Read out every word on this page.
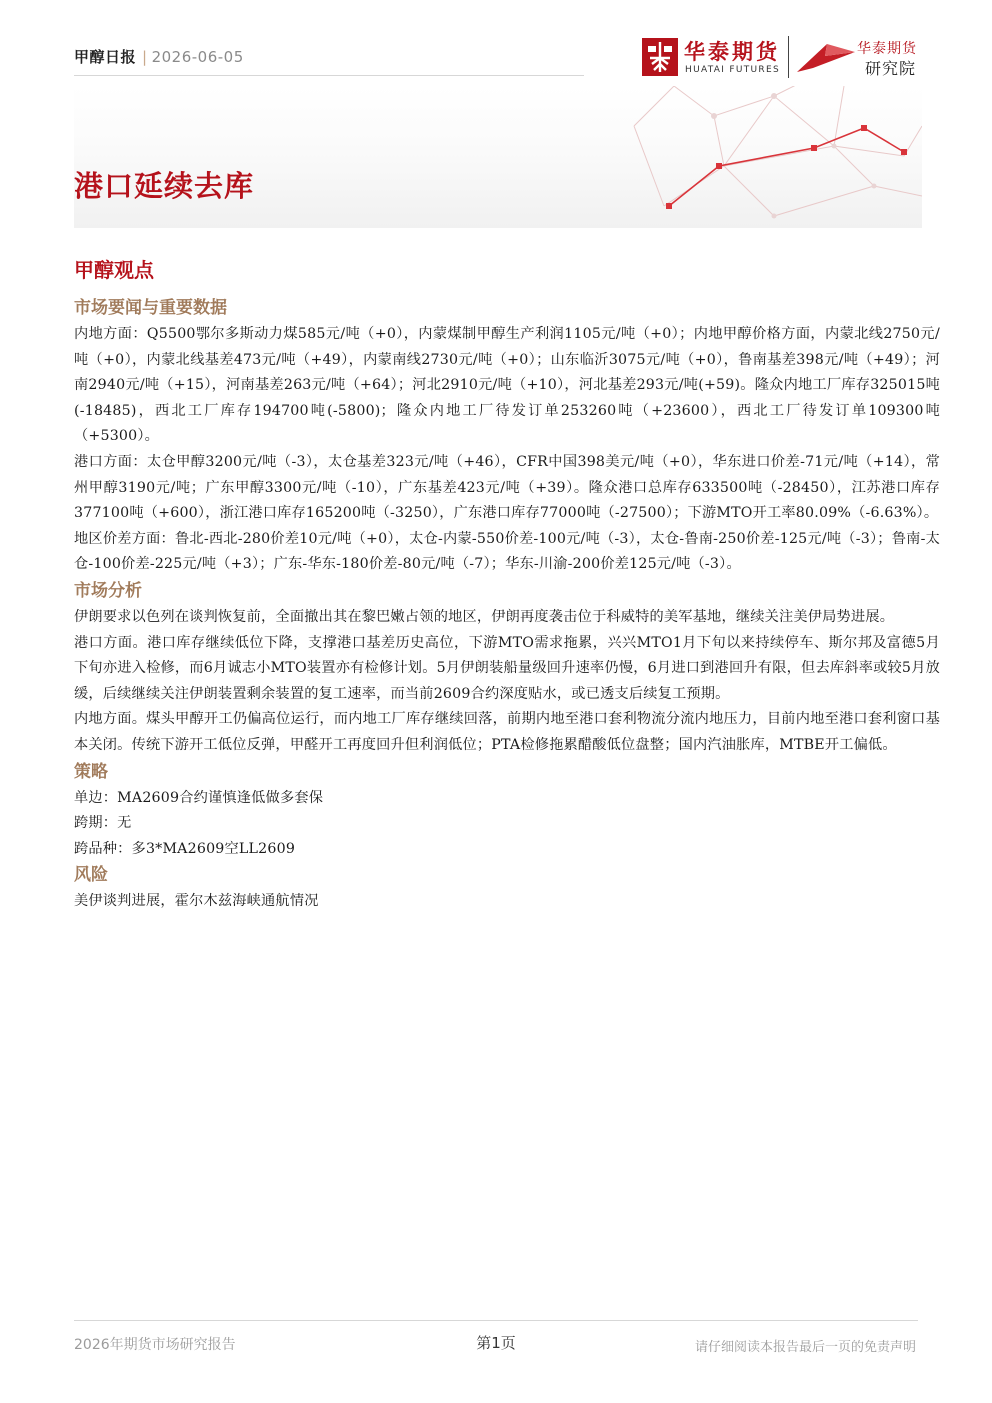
甲醇日报 | 2026-06-05	华泰期货
HUATAI FUTURES
华泰期货
研究院
港口延续去库
甲醇观点
市场要闻与重要数据

内地方面：Q5500鄂尔多斯动力煤585元/吨（+0），内蒙煤制甲醇生产利润1105元/吨（+0）；内地甲醇价格方面，内蒙北线2750元/吨（+0），内蒙北线基差473元/吨（+49），内蒙南线2730元/吨（+0）；山东临沂3075元/吨（+0），鲁南基差398元/吨（+49）；河南2940元/吨（+15），河南基差263元/吨（+64）；河北2910元/吨（+10），河北基差293元/吨(+59)。隆众内地工厂库存325015吨(-18485)，西北工厂库存194700吨(-5800)；隆众内地工厂待发订单253260吨（+23600），西北工厂待发订单109300吨（+5300）。

港口方面：太仓甲醇3200元/吨（-3），太仓基差323元/吨（+46），CFR中国398美元/吨（+0），华东进口价差-71元/吨（+14），常州甲醇3190元/吨；广东甲醇3300元/吨（-10），广东基差423元/吨（+39）。隆众港口总库存633500吨（-28450），江苏港口库存377100吨（+600），浙江港口库存165200吨（-3250），广东港口库存77000吨（-27500）；下游MTO开工率80.09%（-6.63%）。

地区价差方面：鲁北-西北-280价差10元/吨（+0），太仓-内蒙-550价差-100元/吨（-3），太仓-鲁南-250价差-125元/吨（-3）；鲁南-太仓-100价差-225元/吨（+3）；广东-华东-180价差-80元/吨（-7）；华东-川渝-200价差125元/吨（-3）。

市场分析

伊朗要求以色列在谈判恢复前，全面撤出其在黎巴嫩占领的地区，伊朗再度袭击位于科威特的美军基地，继续关注美伊局势进展。

港口方面。港口库存继续低位下降，支撑港口基差历史高位，下游MTO需求拖累，兴兴MTO1月下旬以来持续停车、斯尔邦及富德5月下旬亦进入检修，而6月诚志小MTO装置亦有检修计划。5月伊朗装船量级回升速率仍慢，6月进口到港回升有限，但去库斜率或较5月放缓，后续继续关注伊朗装置剩余装置的复工速率，而当前2609合约深度贴水，或已透支后续复工预期。

内地方面。煤头甲醇开工仍偏高位运行，而内地工厂库存继续回落，前期内地至港口套利物流分流内地压力，目前内地至港口套利窗口基本关闭。传统下游开工低位反弹，甲醛开工再度回升但利润低位；PTA检修拖累醋酸低位盘整；国内汽油胀库，MTBE开工偏低。

策略

单边：MA2609合约谨慎逢低做多套保

跨期：无

跨品种：多3*MA2609空LL2609

风险

美伊谈判进展，霍尔木兹海峡通航情况

2026年期货市场研究报告	第1页	请仔细阅读本报告最后一页的免责声明
